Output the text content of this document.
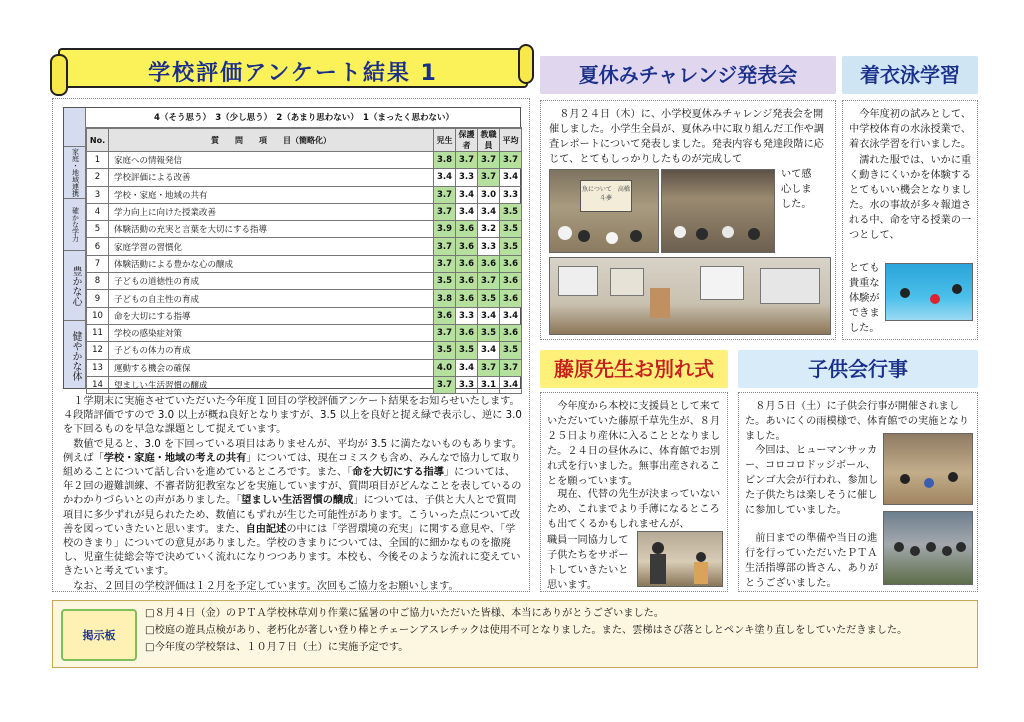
学校評価アンケート結果 1
家庭・地域連携
確かな学力
豊かな心
健やかな体
4（そう思う）　3（少し思う）　2（あまり思わない）　1（まったく思わない）
No.	質　　問　　項　　目（簡略化）	児生	保護者	教職員	平均
1	家庭への情報発信	3.8	3.7	3.7	3.7
2	学校評価による改善	3.4	3.3	3.7	3.4
3	学校・家庭・地域の共有	3.7	3.4	3.0	3.3
4	学力向上に向けた授業改善	3.7	3.4	3.4	3.5
5	体験活動の充実と言葉を大切にする指導	3.9	3.6	3.2	3.5
6	家庭学習の習慣化	3.7	3.6	3.3	3.5
7	体験活動による豊かな心の醸成	3.7	3.6	3.6	3.6
8	子どもの道徳性の育成	3.5	3.6	3.7	3.6
9	子どもの自主性の育成	3.8	3.6	3.5	3.6
10	命を大切にする指導	3.6	3.3	3.4	3.4
11	学校の感染症対策	3.7	3.6	3.5	3.6
12	子どもの体力の育成	3.5	3.5	3.4	3.5
13	運動する機会の確保	4.0	3.4	3.7	3.7
14	望ましい生活習慣の醸成	3.7	3.3	3.1	3.4

１学期末に実施させていただいた今年度１回目の学校評価アンケート結果をお知らせいたします。４段階評価ですので 3.0 以上が概ね良好となりますが、3.5 以上を良好と捉え緑で表示し、逆に 3.0 を下回るものを早急な課題として捉えています。

数値で見ると、3.0 を下回っている項目はありませんが、平均が 3.5 に満たないものもあります。例えば「学校・家庭・地域の考えの共有」については、現在コミスクも含め、みんなで協力して取り組めることについて話し合いを進めているところです。また、「命を大切にする指導」については、年２回の避難訓練、不審者防犯教室などを実施していますが、質問項目がどんなことを表しているのかわかりづらいとの声がありました。「望ましい生活習慣の醸成」については、子供と大人とで質問項目に多少ずれが見られたため、数値にもずれが生じた可能性があります。こういった点について改善を図っていきたいと思います。また、自由記述の中には「学習環境の充実」に関する意見や、「学校のきまり」についての意見がありました。学校のきまりについては、全国的に細かなものを撤廃し、児童生徒総会等で決めていく流れになりつつあります。本校も、今後そのような流れに変えていきたいと考えています。

なお、２回目の学校評価は１２月を予定しています。次回もご協力をお願いします。

夏休みチャレンジ発表会	着衣泳学習
藤原先生お別れ式	子供会行事
８月２４日（木）に、小学校夏休みチャレンジ発表会を開催しました。小学生全員が、夏休み中に取り組んだ工作や調査レポートについて発表しました。発表内容も発達段階に応じて、とてもしっかりしたものが完成して
いて感心しました。
魚について　高橋　斗夢
今年度初の試みとして、中学校体育の水泳授業で、着衣泳学習を行いました。
濡れた服では、いかに重く動きにくいかを体験するとてもいい機会となりました。水の事故が多々報道される中、命を守る授業の一つとして、
とても貴重な体験ができました。
今年度から本校に支援員として来ていただいていた藤原千草先生が、８月２５日より産休に入ることとなりました。２４日の昼休みに、体育館でお別れ式を行いました。無事出産されることを願っています。
現在、代替の先生が決まっていないため、これまでより手薄になるところも出てくるかもしれませんが、
職員一同協力して子供たちをサポートしていきたいと思います。
８月５日（土）に子供会行事が開催されました。あいにくの雨模様で、体育館での実施となりました。
今回は、ヒューマンサッカー、コロコロドッジボール、ビンゴ大会が行われ、参加した子供たちは楽しそうに催しに参加していました。
前日までの準備や当日の進行を行っていただいたＰＴＡ生活指導部の皆さん、ありがとうございました。
掲示板
□８月４日（金）のＰＴＡ学校林草刈り作業に猛暑の中ご協力いただいた皆様、本当にありがとうございました。
□校庭の遊具点検があり、老朽化が著しい登り棒とチェーンアスレチックは使用不可となりました。また、雲梯はさび落としとペンキ塗り直しをしていただきました。
□今年度の学校祭は、１０月７日（土）に実施予定です。
